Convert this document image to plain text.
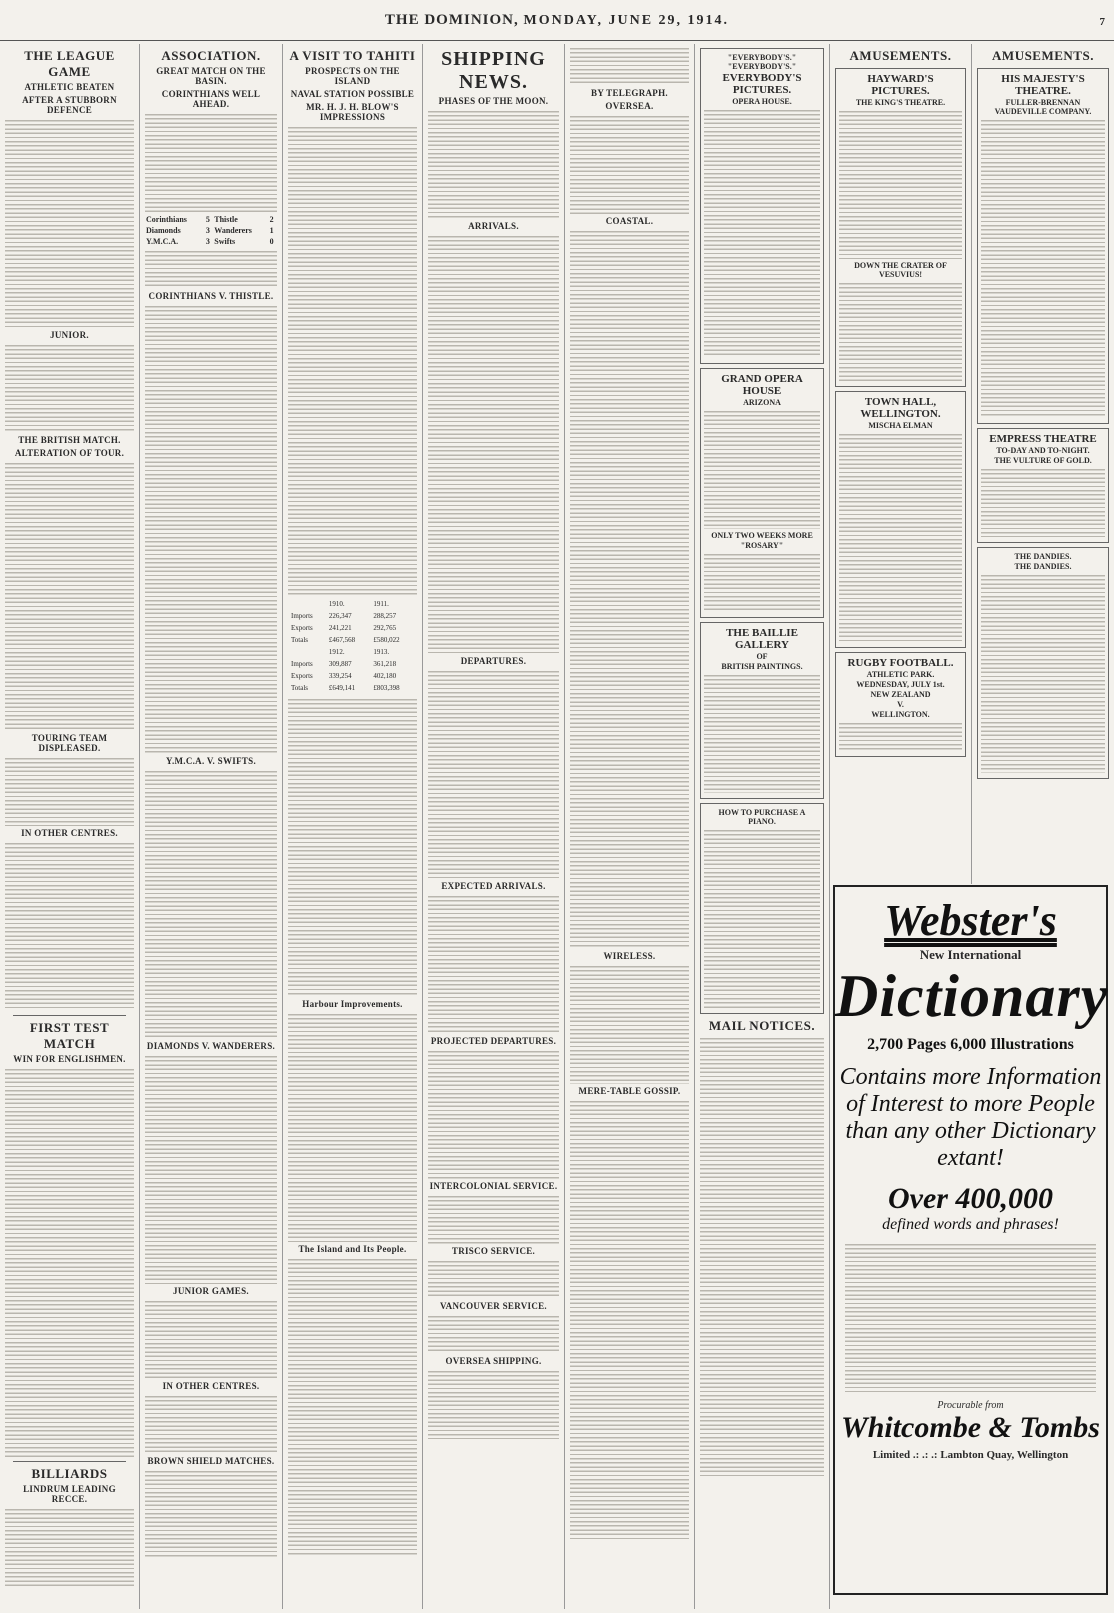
THE DOMINION, MONDAY, JUNE 29, 1914.	7
THE LEAGUE GAME
ATHLETIC BEATEN
AFTER A STUBBORN DEFENCE
JUNIOR.
THE BRITISH MATCH.
ALTERATION OF TOUR.
TOURING TEAM DISPLEASED.
IN OTHER CENTRES.
FIRST TEST MATCH
WIN FOR ENGLISHMEN.
BILLIARDS
LINDRUM LEADING RECCE.
ASSOCIATION.
GREAT MATCH ON THE BASIN.
CORINTHIANS WELL AHEAD.
Corinthians	5	Thistle	2
Diamonds	3	Wanderers	1
Y.M.C.A.	3	Swifts	0
CORINTHIANS V. THISTLE.
Y.M.C.A. V. SWIFTS.
DIAMONDS V. WANDERERS.
JUNIOR GAMES.
IN OTHER CENTRES.
BROWN SHIELD MATCHES.
A VISIT TO TAHITI
PROSPECTS ON THE ISLAND
NAVAL STATION POSSIBLE
MR. H. J. H. BLOW'S IMPRESSIONS
	1910.	1911.
Imports	226,347	288,257
Exports	241,221	292,765
Totals	£467,568	£580,022
	1912.	1913.
Imports	309,887	361,218
Exports	339,254	402,180
Totals	£649,141	£803,398
Harbour Improvements.
The Island and Its People.
SHIPPING NEWS.
PHASES OF THE MOON.
ARRIVALS.
DEPARTURES.
EXPECTED ARRIVALS.
PROJECTED DEPARTURES.
INTERCOLONIAL SERVICE.
TRISCO SERVICE.
VANCOUVER SERVICE.
OVERSEA SHIPPING.
BY TELEGRAPH.
OVERSEA.
COASTAL.
WIRELESS.
MERE-TABLE GOSSIP.
"EVERYBODY'S." "EVERYBODY'S."
EVERYBODY'S PICTURES.
OPERA HOUSE.
GRAND OPERA HOUSE
ARIZONA
ONLY TWO WEEKS MORE
"ROSARY"
THE BAILLIE GALLERY
OF
BRITISH PAINTINGS.
HOW TO PURCHASE A PIANO.
MAIL NOTICES.
AMUSEMENTS.
HAYWARD'S PICTURES.
THE KING'S THEATRE.
DOWN THE CRATER OF VESUVIUS!
TOWN HALL, WELLINGTON.
MISCHA ELMAN
RUGBY FOOTBALL.
ATHLETIC PARK.
WEDNESDAY, JULY 1st.
NEW ZEALAND
V.
WELLINGTON.
AMUSEMENTS.
HIS MAJESTY'S THEATRE.
FULLER-BRENNAN VAUDEVILLE COMPANY.
EMPRESS THEATRE
TO-DAY AND TO-NIGHT.
THE VULTURE OF GOLD.
THE DANDIES.
THE DANDIES.
Webster's
New International
Dictionary
2,700 Pages 6,000 Illustrations
Contains more Information of Interest to more People than any other Dictionary extant!
Over 400,000
defined words and phrases!
Procurable from
Whitcombe & Tombs
Limited .: .: .: Lambton Quay, Wellington
